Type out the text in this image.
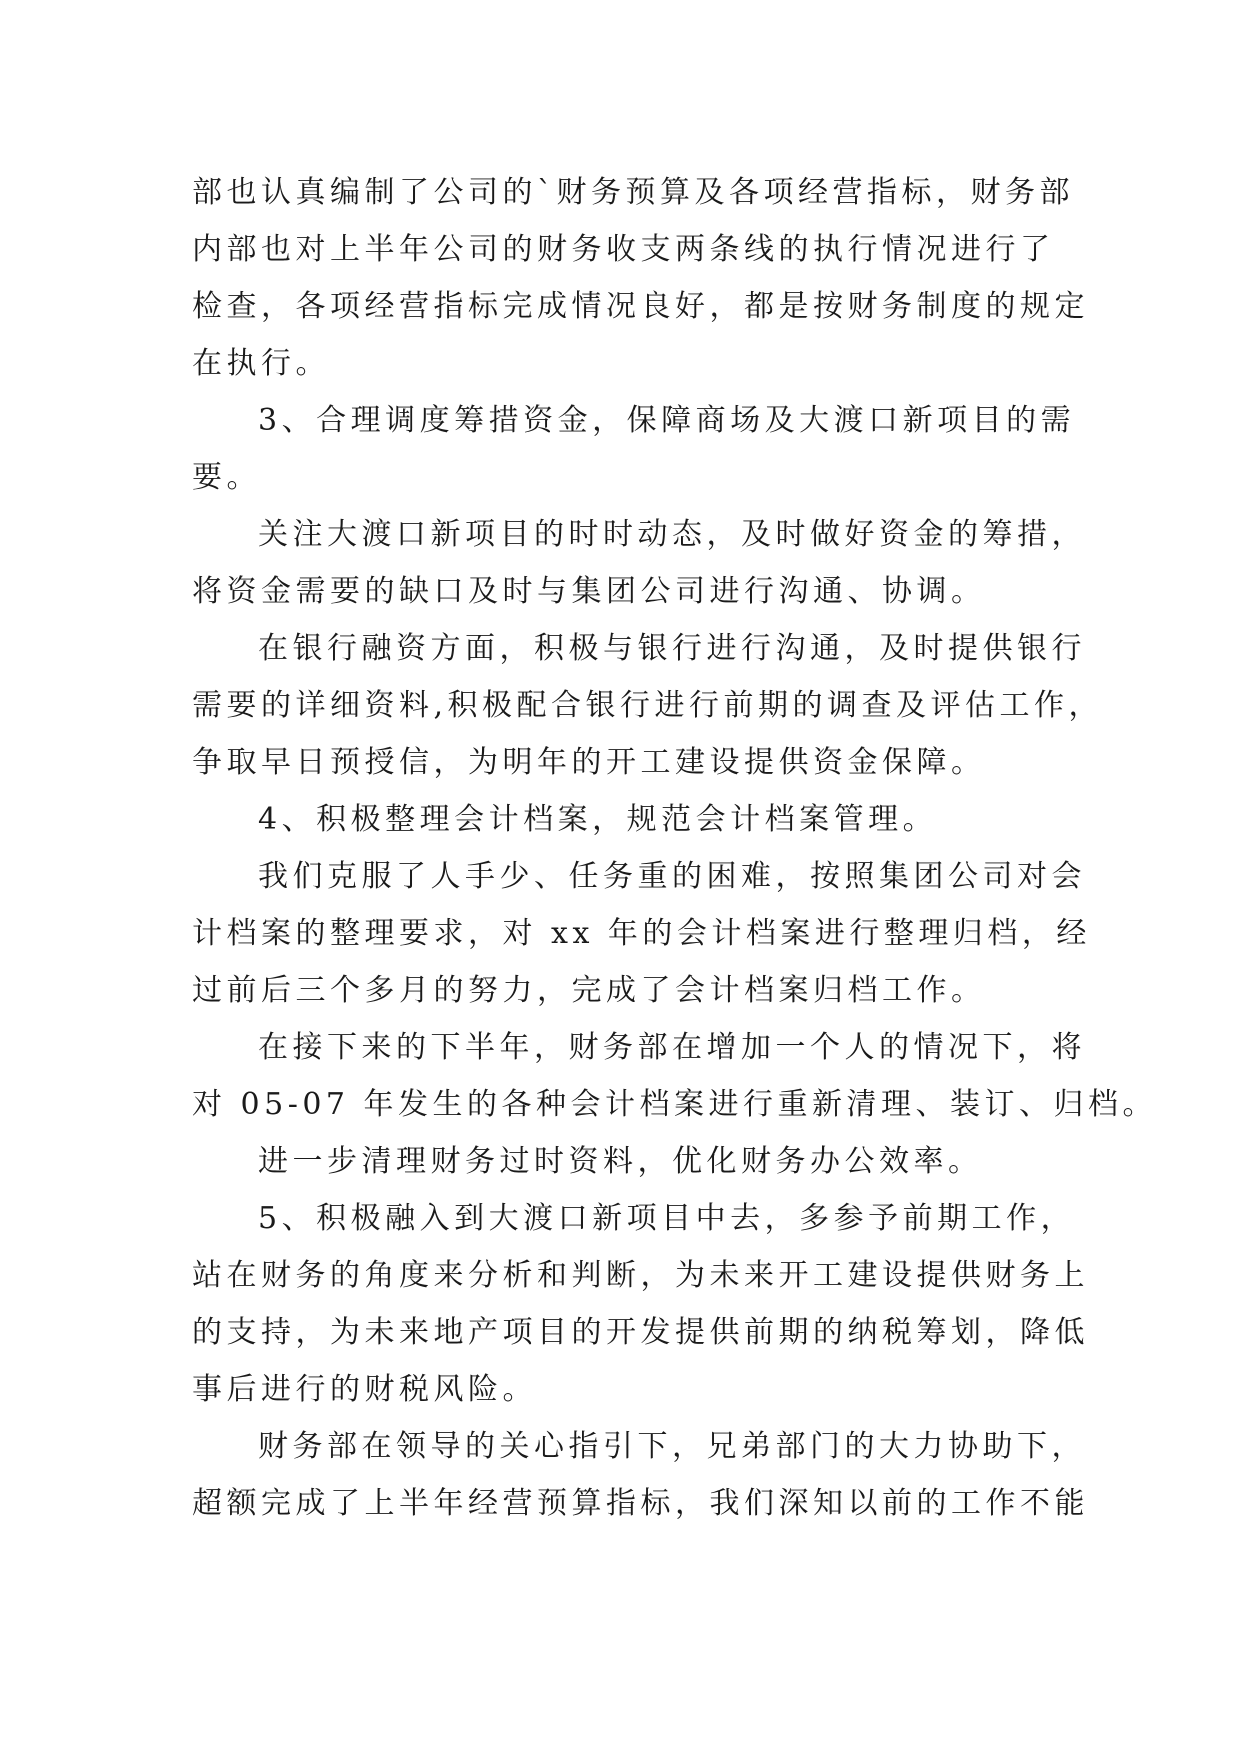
部也认真编制了公司的`财务预算及各项经营指标，财务部
内部也对上半年公司的财务收支两条线的执行情况进行了
检查，各项经营指标完成情况良好，都是按财务制度的规定
在执行。
3、合理调度筹措资金，保障商场及大渡口新项目的需
要。
关注大渡口新项目的时时动态，及时做好资金的筹措，
将资金需要的缺口及时与集团公司进行沟通、协调。
在银行融资方面，积极与银行进行沟通，及时提供银行
需要的详细资料,积极配合银行进行前期的调查及评估工作，
争取早日预授信，为明年的开工建设提供资金保障。
4、积极整理会计档案，规范会计档案管理。
我们克服了人手少、任务重的困难，按照集团公司对会
计档案的整理要求，对 xx 年的会计档案进行整理归档，经
过前后三个多月的努力，完成了会计档案归档工作。
在接下来的下半年，财务部在增加一个人的情况下，将
对 05-07 年发生的各种会计档案进行重新清理、装订、归档。
进一步清理财务过时资料，优化财务办公效率。
5、积极融入到大渡口新项目中去，多参予前期工作，
站在财务的角度来分析和判断，为未来开工建设提供财务上
的支持，为未来地产项目的开发提供前期的纳税筹划，降低
事后进行的财税风险。
财务部在领导的关心指引下，兄弟部门的大力协助下，
超额完成了上半年经营预算指标，我们深知以前的工作不能
